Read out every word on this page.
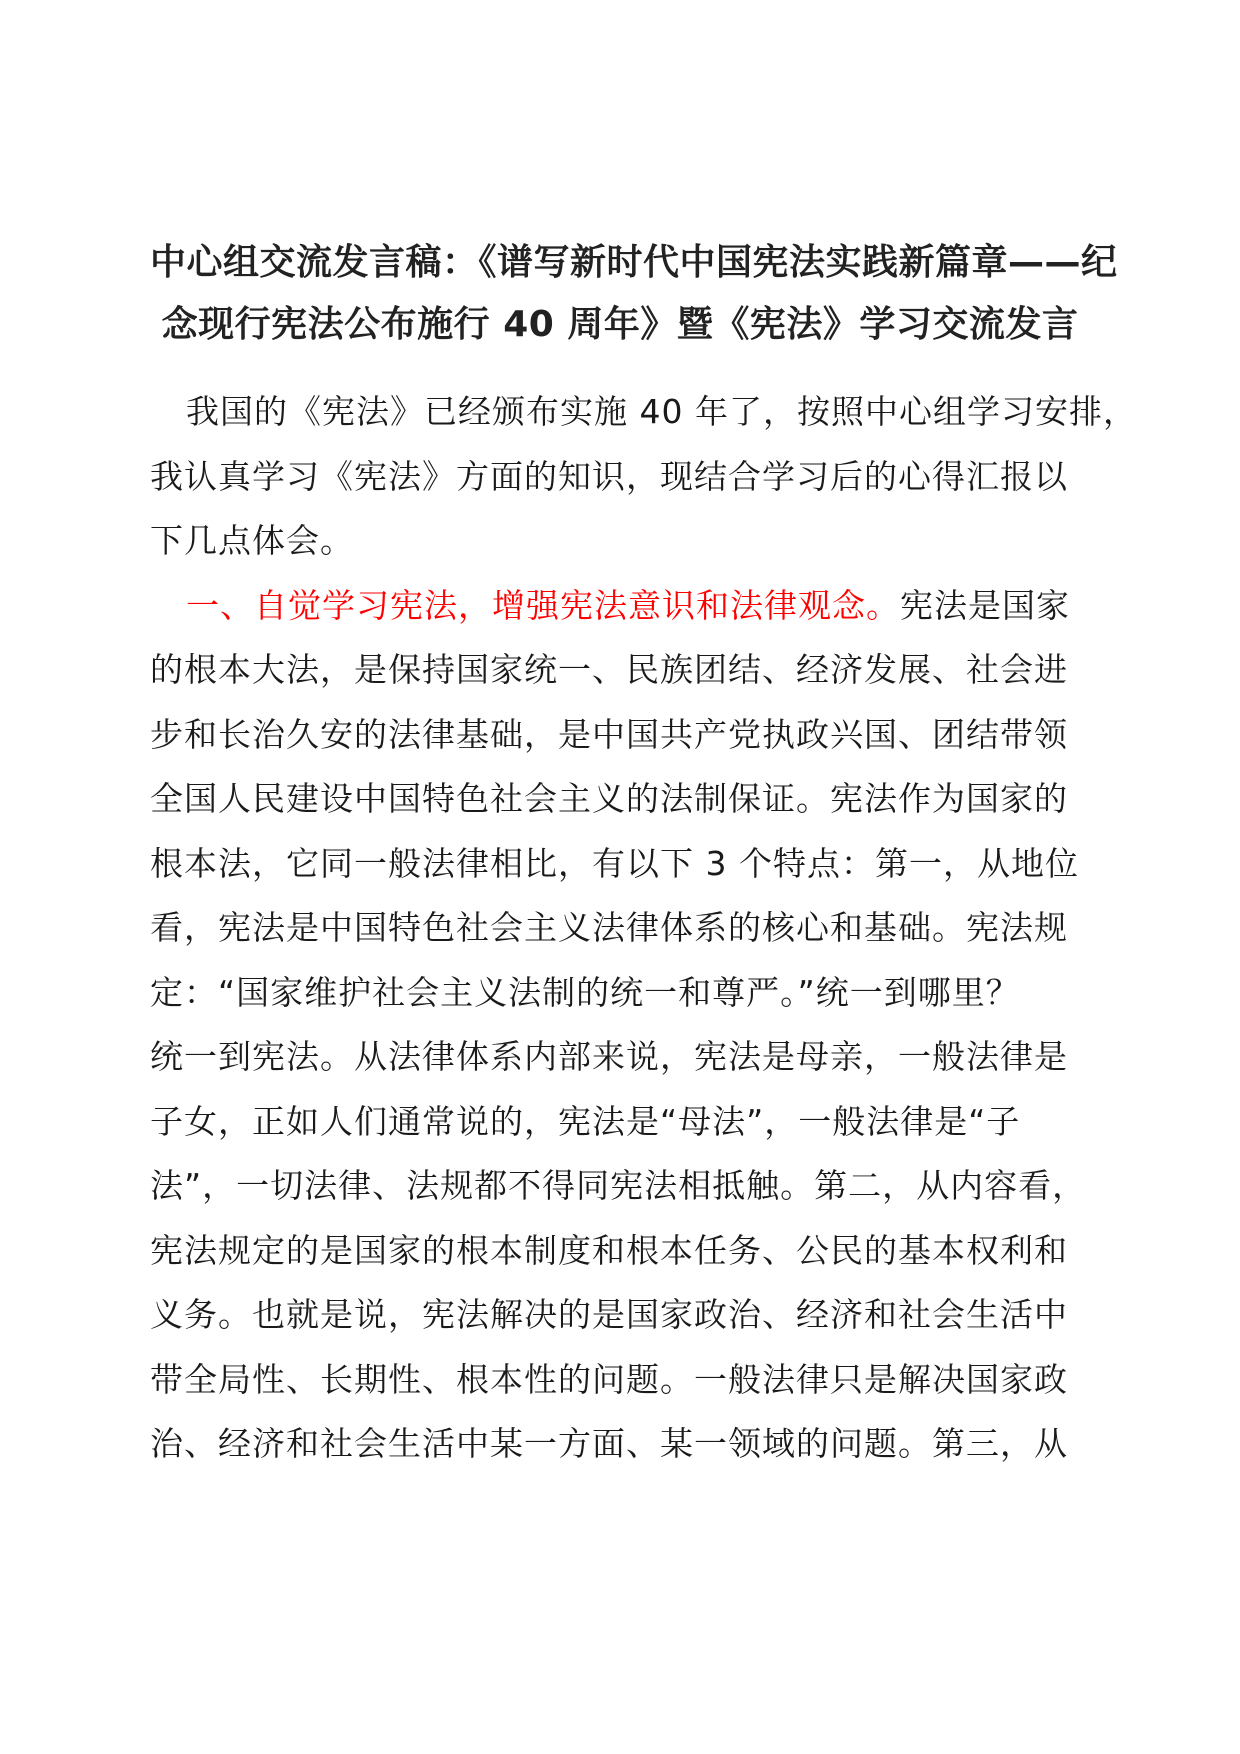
中心组交流发言稿：《谱写新时代中国宪法实践新篇章——纪
念现行宪法公布施行 40 周年》暨《宪法》学习交流发言
我国的《宪法》已经颁布实施 40 年了，按照中心组学习安排，
我认真学习《宪法》方面的知识，现结合学习后的心得汇报以
下几点体会。
一、自觉学习宪法，增强宪法意识和法律观念。宪法是国家
的根本大法，是保持国家统一、民族团结、经济发展、社会进
步和长治久安的法律基础，是中国共产党执政兴国、团结带领
全国人民建设中国特色社会主义的法制保证。宪法作为国家的
根本法，它同一般法律相比，有以下 3 个特点：第一，从地位
看，宪法是中国特色社会主义法律体系的核心和基础。宪法规
定：“国家维护社会主义法制的统一和尊严。”统一到哪里？
统一到宪法。从法律体系内部来说，宪法是母亲，一般法律是
子女，正如人们通常说的，宪法是“母法”，一般法律是“子
法”，一切法律、法规都不得同宪法相抵触。第二，从内容看，
宪法规定的是国家的根本制度和根本任务、公民的基本权利和
义务。也就是说，宪法解决的是国家政治、经济和社会生活中
带全局性、长期性、根本性的问题。一般法律只是解决国家政
治、经济和社会生活中某一方面、某一领域的问题。第三，从
